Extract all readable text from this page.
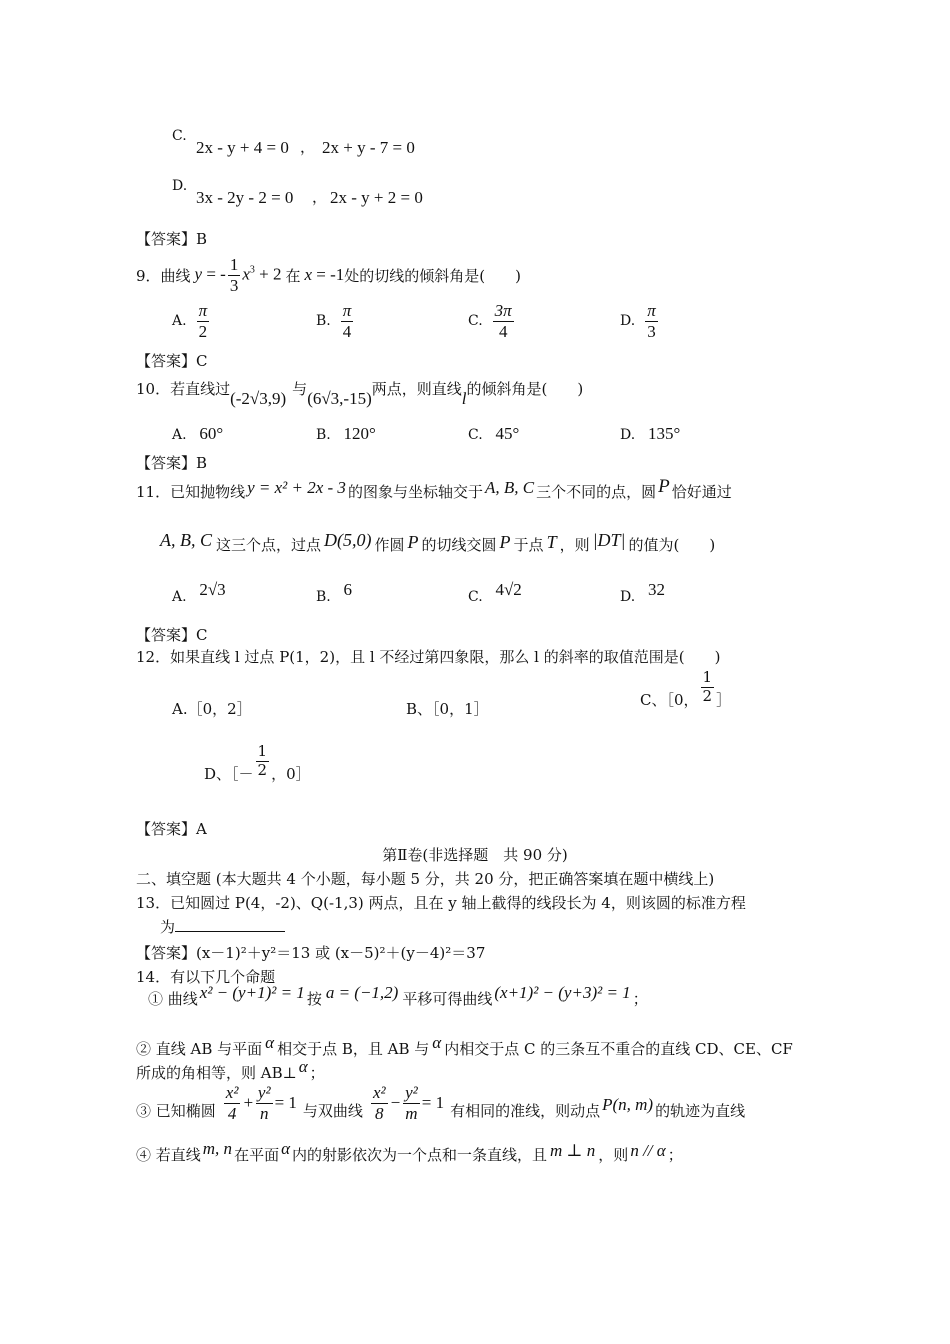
C.
2x - y + 4 = 0 ， 2x + y - 7 = 0
D.
3x - 2y - 2 = 0 ， 2x - y + 2 = 0
【答案】B
9．曲线 y = - $\frac{1}{3} x^3 + 2$ 在 x = -1 处的切线的倾斜角是(　　)
A. $\frac{\pi}{2}$	B. $\frac{\pi}{4}$	C. $\frac{3\pi}{4}$	D. $\frac{\pi}{3}$
【答案】C
10．若直线过 (-2√3,9) 与 (6√3,-15) 两点，则直线 l 的倾斜角是(　　)
A. 60°	B. 120°	C. 45°	D. 135°
【答案】B
11．已知抛物线 y = x² + 2x - 3 的图象与坐标轴交于 A, B, C 三个不同的点，圆 P 恰好通过
A, B, C 这三个点，过点 D(5,0) 作圆 P 的切线交圆 P 于点 T ，则 |DT| 的值为(　　)
A. 2√3	B. 6	C. 4√2	D. 32
【答案】C
12．如果直线 l 过点 P(1，2)，且 l 不经过第四象限，那么 l 的斜率的取值范围是(　　)
A.［0，2］	B、［0，1］
C、［0， $\frac{1}{2}$ ］
D、［－ $\frac{1}{2}$ ，0］
【答案】A
第Ⅱ卷(非选择题　共 90 分)
二、填空题 (本大题共 4 个小题，每小题 5 分，共 20 分，把正确答案填在题中横线上)
13．已知圆过 P(4，-2)、Q(-1,3) 两点，且在 y 轴上截得的线段长为 4，则该圆的标准方程
为
【答案】(x－1)²＋y²＝13 或 (x－5)²＋(y－4)²＝37
14．有以下几个命题
① 曲线 x² − (y+1)² = 1 按 a = (−1,2) 平移可得曲线 (x+1)² − (y+3)² = 1 ；
② 直线 AB 与平面 α 相交于点 B，且 AB 与 α 内相交于点 C 的三条互不重合的直线 CD、CE、CF
所成的角相等，则 AB⊥ α ；
③ 已知椭圆 $\frac{\text{x²}}{4} + \frac{\text{y²}}{n} = 1$ 与双曲线 $\frac{\text{x²}}{8} - \frac{\text{y²}}{m} = 1$ 有相同的准线，则动点 P(n, m) 的轨迹为直线
④ 若直线 m, n 在平面 α 内的射影依次为一个点和一条直线，且 m ⊥ n ，则 n // α ；
